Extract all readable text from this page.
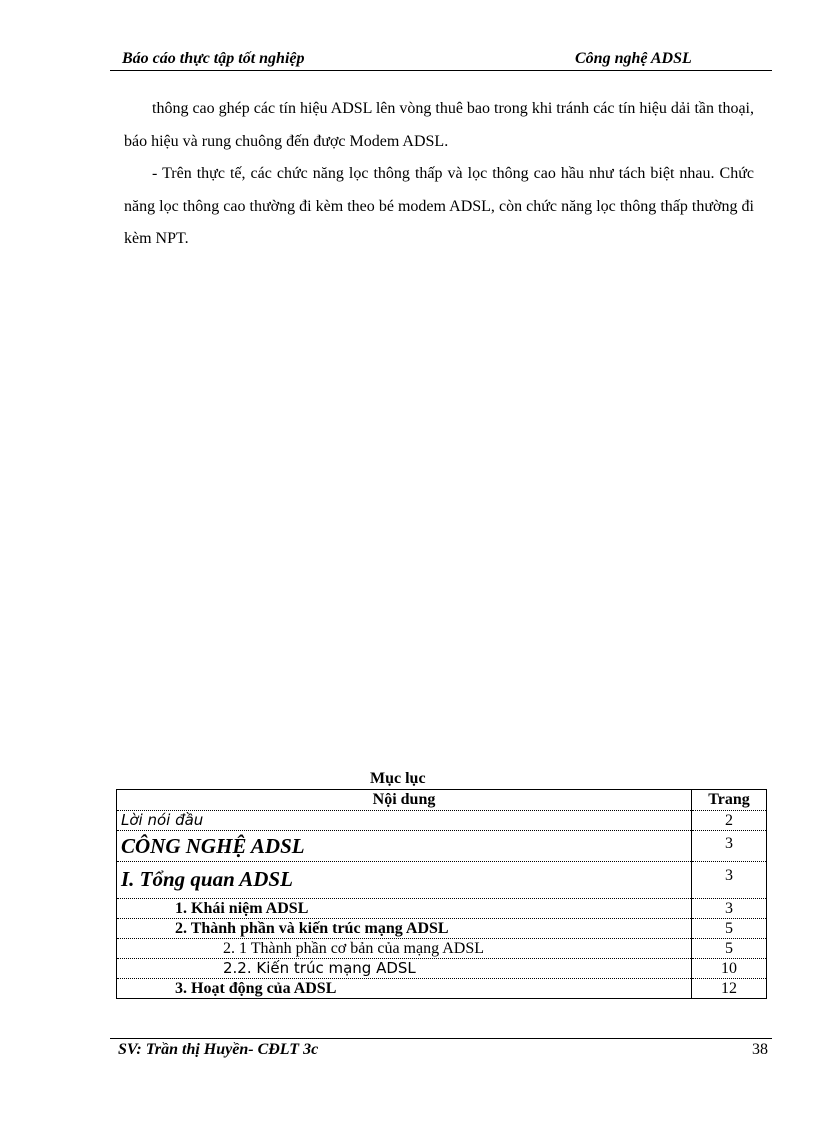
Báo cáo thực tập tốt nghiệp	Công nghệ ADSL

thông cao ghép các tín hiệu ADSL lên vòng thuê bao trong khi tránh các tín hiệu dải tần thoại, báo hiệu và rung chuông đến được Modem ADSL.

- Trên thực tế, các chức năng lọc thông thấp và lọc thông cao hầu như tách biệt nhau. Chức năng lọc thông cao thường đi kèm theo bé modem ADSL, còn chức năng lọc thông thấp thường đi kèm NPT.

Mục lục
Nội dung	Trang
Lời nói đầu	2
CÔNG NGHỆ ADSL	3
I. Tổng quan ADSL	3
1. Khái niệm ADSL	3
2. Thành phần và kiến trúc mạng ADSL	5
2. 1 Thành phần cơ bản của mạng ADSL	5
2.2. Kiến trúc mạng ADSL	10
3. Hoạt động của ADSL	12
SV: Trần thị Huyền- CĐLT 3c	38
